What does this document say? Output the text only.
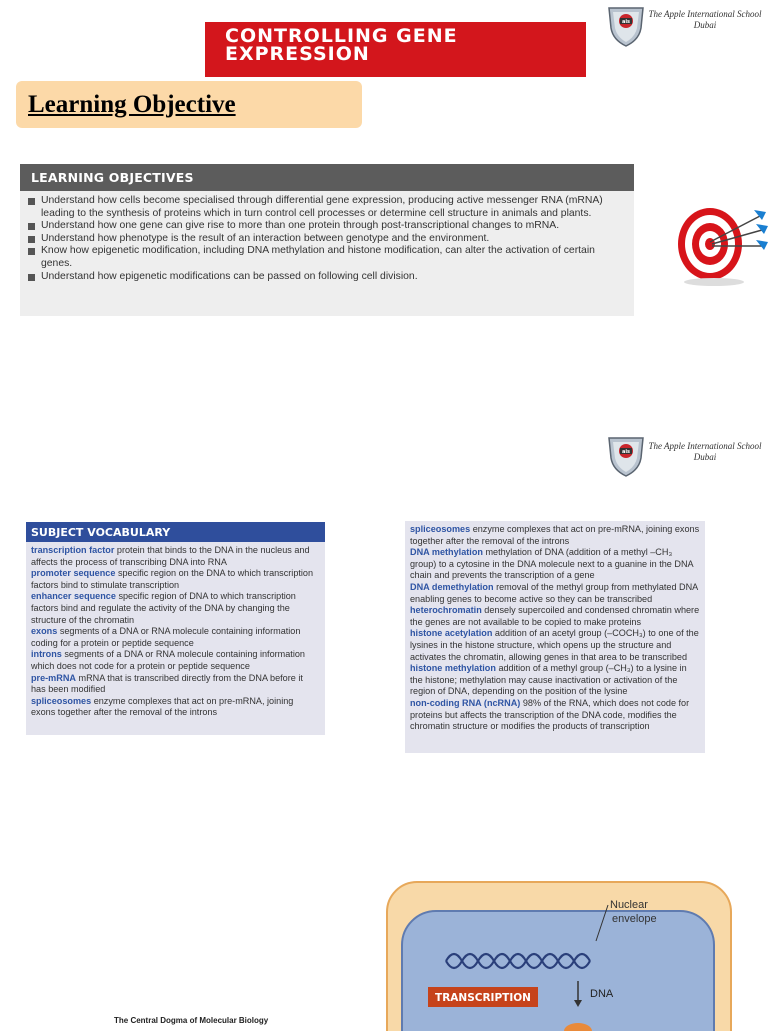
CONTROLLING GENE
EXPRESSION
ais
The Apple International School
Dubai
Learning Objective
LEARNING OBJECTIVES
Understand how cells become specialised through differential gene expression, producing active messenger RNA (mRNA) leading to the synthesis of proteins which in turn control cell processes or determine cell structure in animals and plants.
Understand how one gene can give rise to more than one protein through post-transcriptional changes to mRNA.
Understand how phenotype is the result of an interaction between genotype and the environment.
Know how epigenetic modification, including DNA methylation and histone modification, can alter the activation of certain genes.
Understand how epigenetic modifications can be passed on following cell division.
ais
The Apple International School
Dubai
SUBJECT VOCABULARY

transcription factor protein that binds to the DNA in the nucleus and affects the process of transcribing DNA into RNA

promoter sequence specific region on the DNA to which transcription factors bind to stimulate transcription

enhancer sequence specific region of DNA to which transcription factors bind and regulate the activity of the DNA by changing the structure of the chromatin

exons segments of a DNA or RNA molecule containing information coding for a protein or peptide sequence

introns segments of a DNA or RNA molecule containing information which does not code for a protein or peptide sequence

pre-mRNA mRNA that is transcribed directly from the DNA before it has been modified

spliceosomes enzyme complexes that act on pre-mRNA, joining exons together after the removal of the introns

spliceosomes enzyme complexes that act on pre-mRNA, joining exons together after the removal of the introns

DNA methylation methylation of DNA (addition of a methyl –CH₃ group) to a cytosine in the DNA molecule next to a guanine in the DNA chain and prevents the transcription of a gene

DNA demethylation removal of the methyl group from methylated DNA enabling genes to become active so they can be transcribed

heterochromatin densely supercoiled and condensed chromatin where the genes are not available to be copied to make proteins

histone acetylation addition of an acetyl group (–COCH₃) to one of the lysines in the histone structure, which opens up the structure and activates the chromatin, allowing genes in that area to be transcribed

histone methylation addition of a methyl group (–CH₃) to a lysine in the histone; methylation may cause inactivation or activation of the region of DNA, depending on the position of the lysine

non-coding RNA (ncRNA) 98% of the RNA, which does not code for proteins but affects the transcription of the DNA code, modifies the chromatin structure or modifies the products of transcription

Nuclear
envelope
TRANSCRIPTION	DNA
The Central Dogma of Molecular Biology
